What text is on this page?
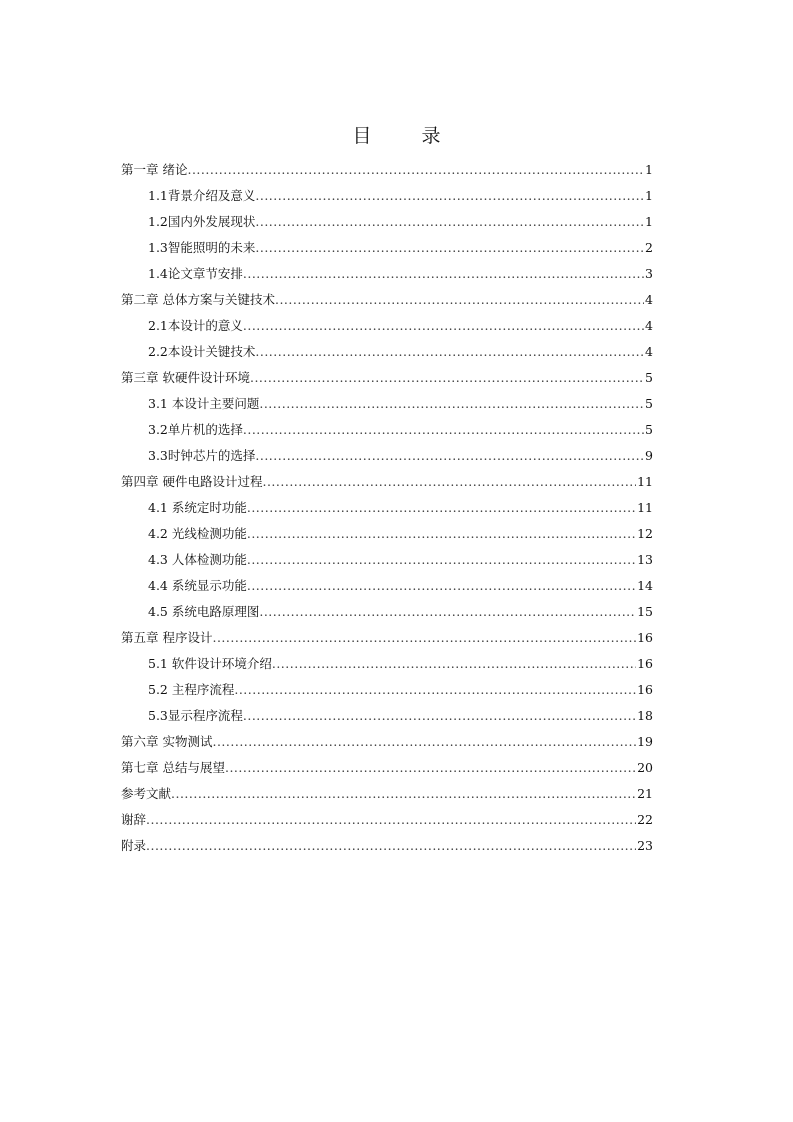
目 录
第一章 绪论 .....	1
1.1背景介绍及意义 .....	1
1.2国内外发展现状 .....	1
1.3智能照明的未来 .....	2
1.4论文章节安排 .....	3
第二章 总体方案与关键技术 .....	4
2.1本设计的意义 .....	4
2.2本设计关键技术 .....	4
第三章 软硬件设计环境 .....	5
3.1 本设计主要问题 .....	5
3.2单片机的选择 .....	5
3.3时钟芯片的选择 .....	9
第四章 硬件电路设计过程 .....	11
4.1 系统定时功能 .....	11
4.2 光线检测功能 .....	12
4.3 人体检测功能 .....	13
4.4 系统显示功能 .....	14
4.5 系统电路原理图 .....	15
第五章 程序设计 .....	16
5.1 软件设计环境介绍 .....	16
5.2 主程序流程 .....	16
5.3显示程序流程 .....	18
第六章 实物测试 .....	19
第七章 总结与展望 .....	20
参考文献 .....	21
谢辞 .....	22
附录 .....	23
